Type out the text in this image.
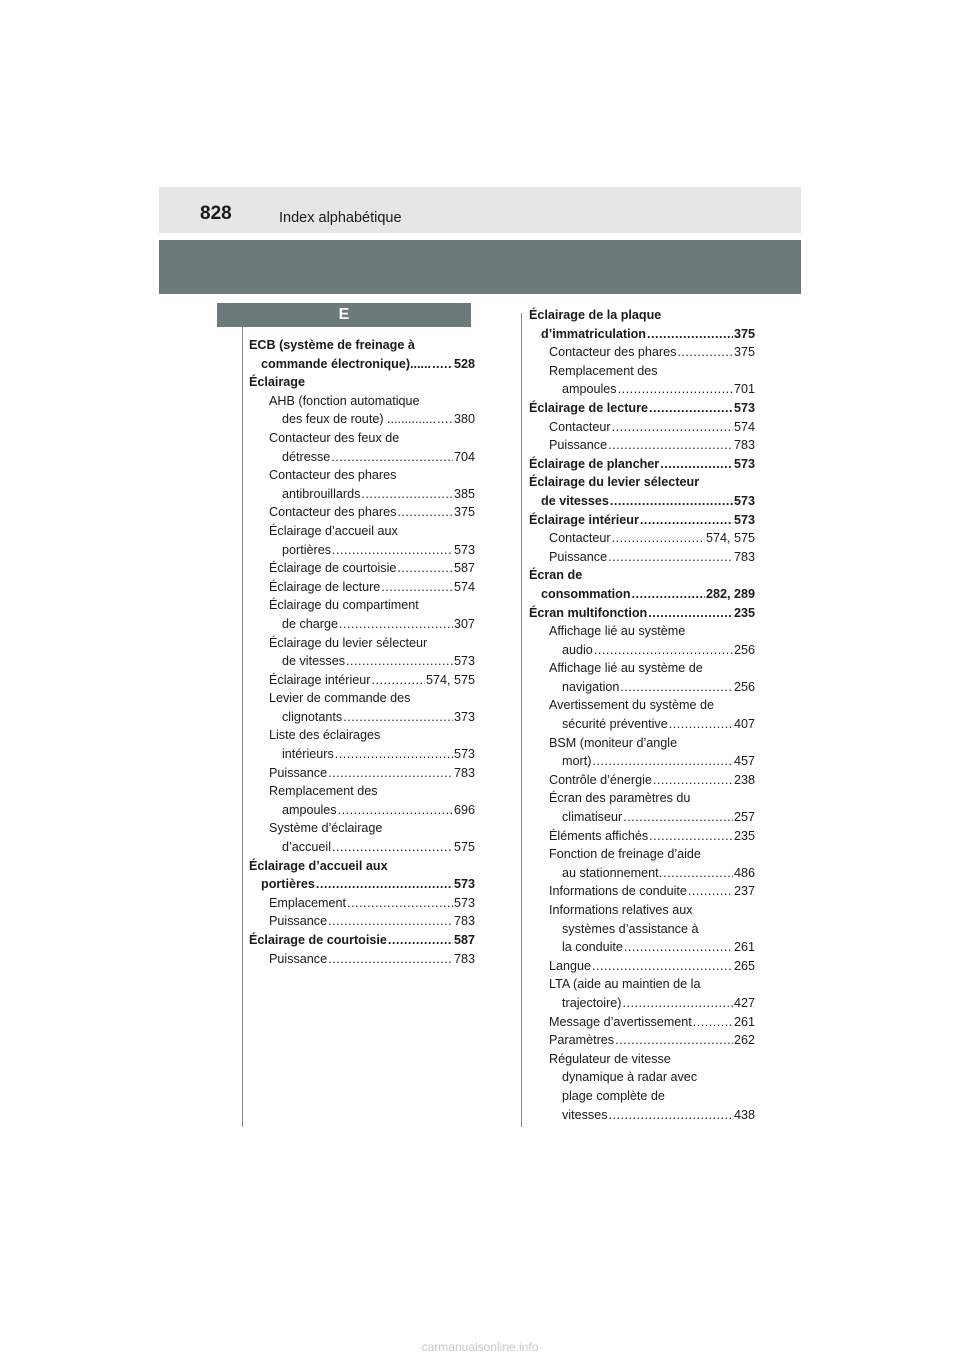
828	Index alphabétique
E
ECB (système de freinage à
commande électronique)...... ..... 528
Éclairage
AHB (fonction automatique
des feux de route) .............. ..... 380
Contacteur des feux de
détresse .....	704
Contacteur des phares
antibrouillards .....	385
Contacteur des phares .....	375
Éclairage d’accueil aux
portières .....	573
Éclairage de courtoisie .....	587
Éclairage de lecture .....	574
Éclairage du compartiment
de charge .....	307
Éclairage du levier sélecteur
de vitesses .....	573
Éclairage intérieur .....	574, 575
Levier de commande des
clignotants .....	373
Liste des éclairages
intérieurs .....	573
Puissance .....	783
Remplacement des
ampoules .....	696
Système d’éclairage
d’accueil .....	575
Éclairage d’accueil aux
portières .....	573
Emplacement .....	573
Puissance .....	783
Éclairage de courtoisie .....	587
Puissance .....	783
Éclairage de la plaque
d’immatriculation .....	375
Contacteur des phares .....	375
Remplacement des
ampoules .....	701
Éclairage de lecture .....	573
Contacteur .....	574
Puissance .....	783
Éclairage de plancher .....	573
Éclairage du levier sélecteur
de vitesses .....	573
Éclairage intérieur .....	573
Contacteur .....	574, 575
Puissance .....	783
Écran de
consommation .....	282, 289
Écran multifonction .....	235
Affichage lié au système
audio .....	256
Affichage lié au système de
navigation .....	256
Avertissement du système de
sécurité préventive .....	407
BSM (moniteur d’angle
mort) .....	457
Contrôle d’énergie .....	238
Écran des paramètres du
climatiseur .....	257
Éléments affichés .....	235
Fonction de freinage d’aide
au stationnement. .....	486
Informations de conduite .....	237
Informations relatives aux
systèmes d’assistance à
la conduite .....	261
Langue .....	265
LTA (aide au maintien de la
trajectoire) .....	427
Message d’avertissement .....	261
Paramètres .....	262
Régulateur de vitesse
dynamique à radar avec
plage complète de
vitesses .....	438
carmanualsonline.info
